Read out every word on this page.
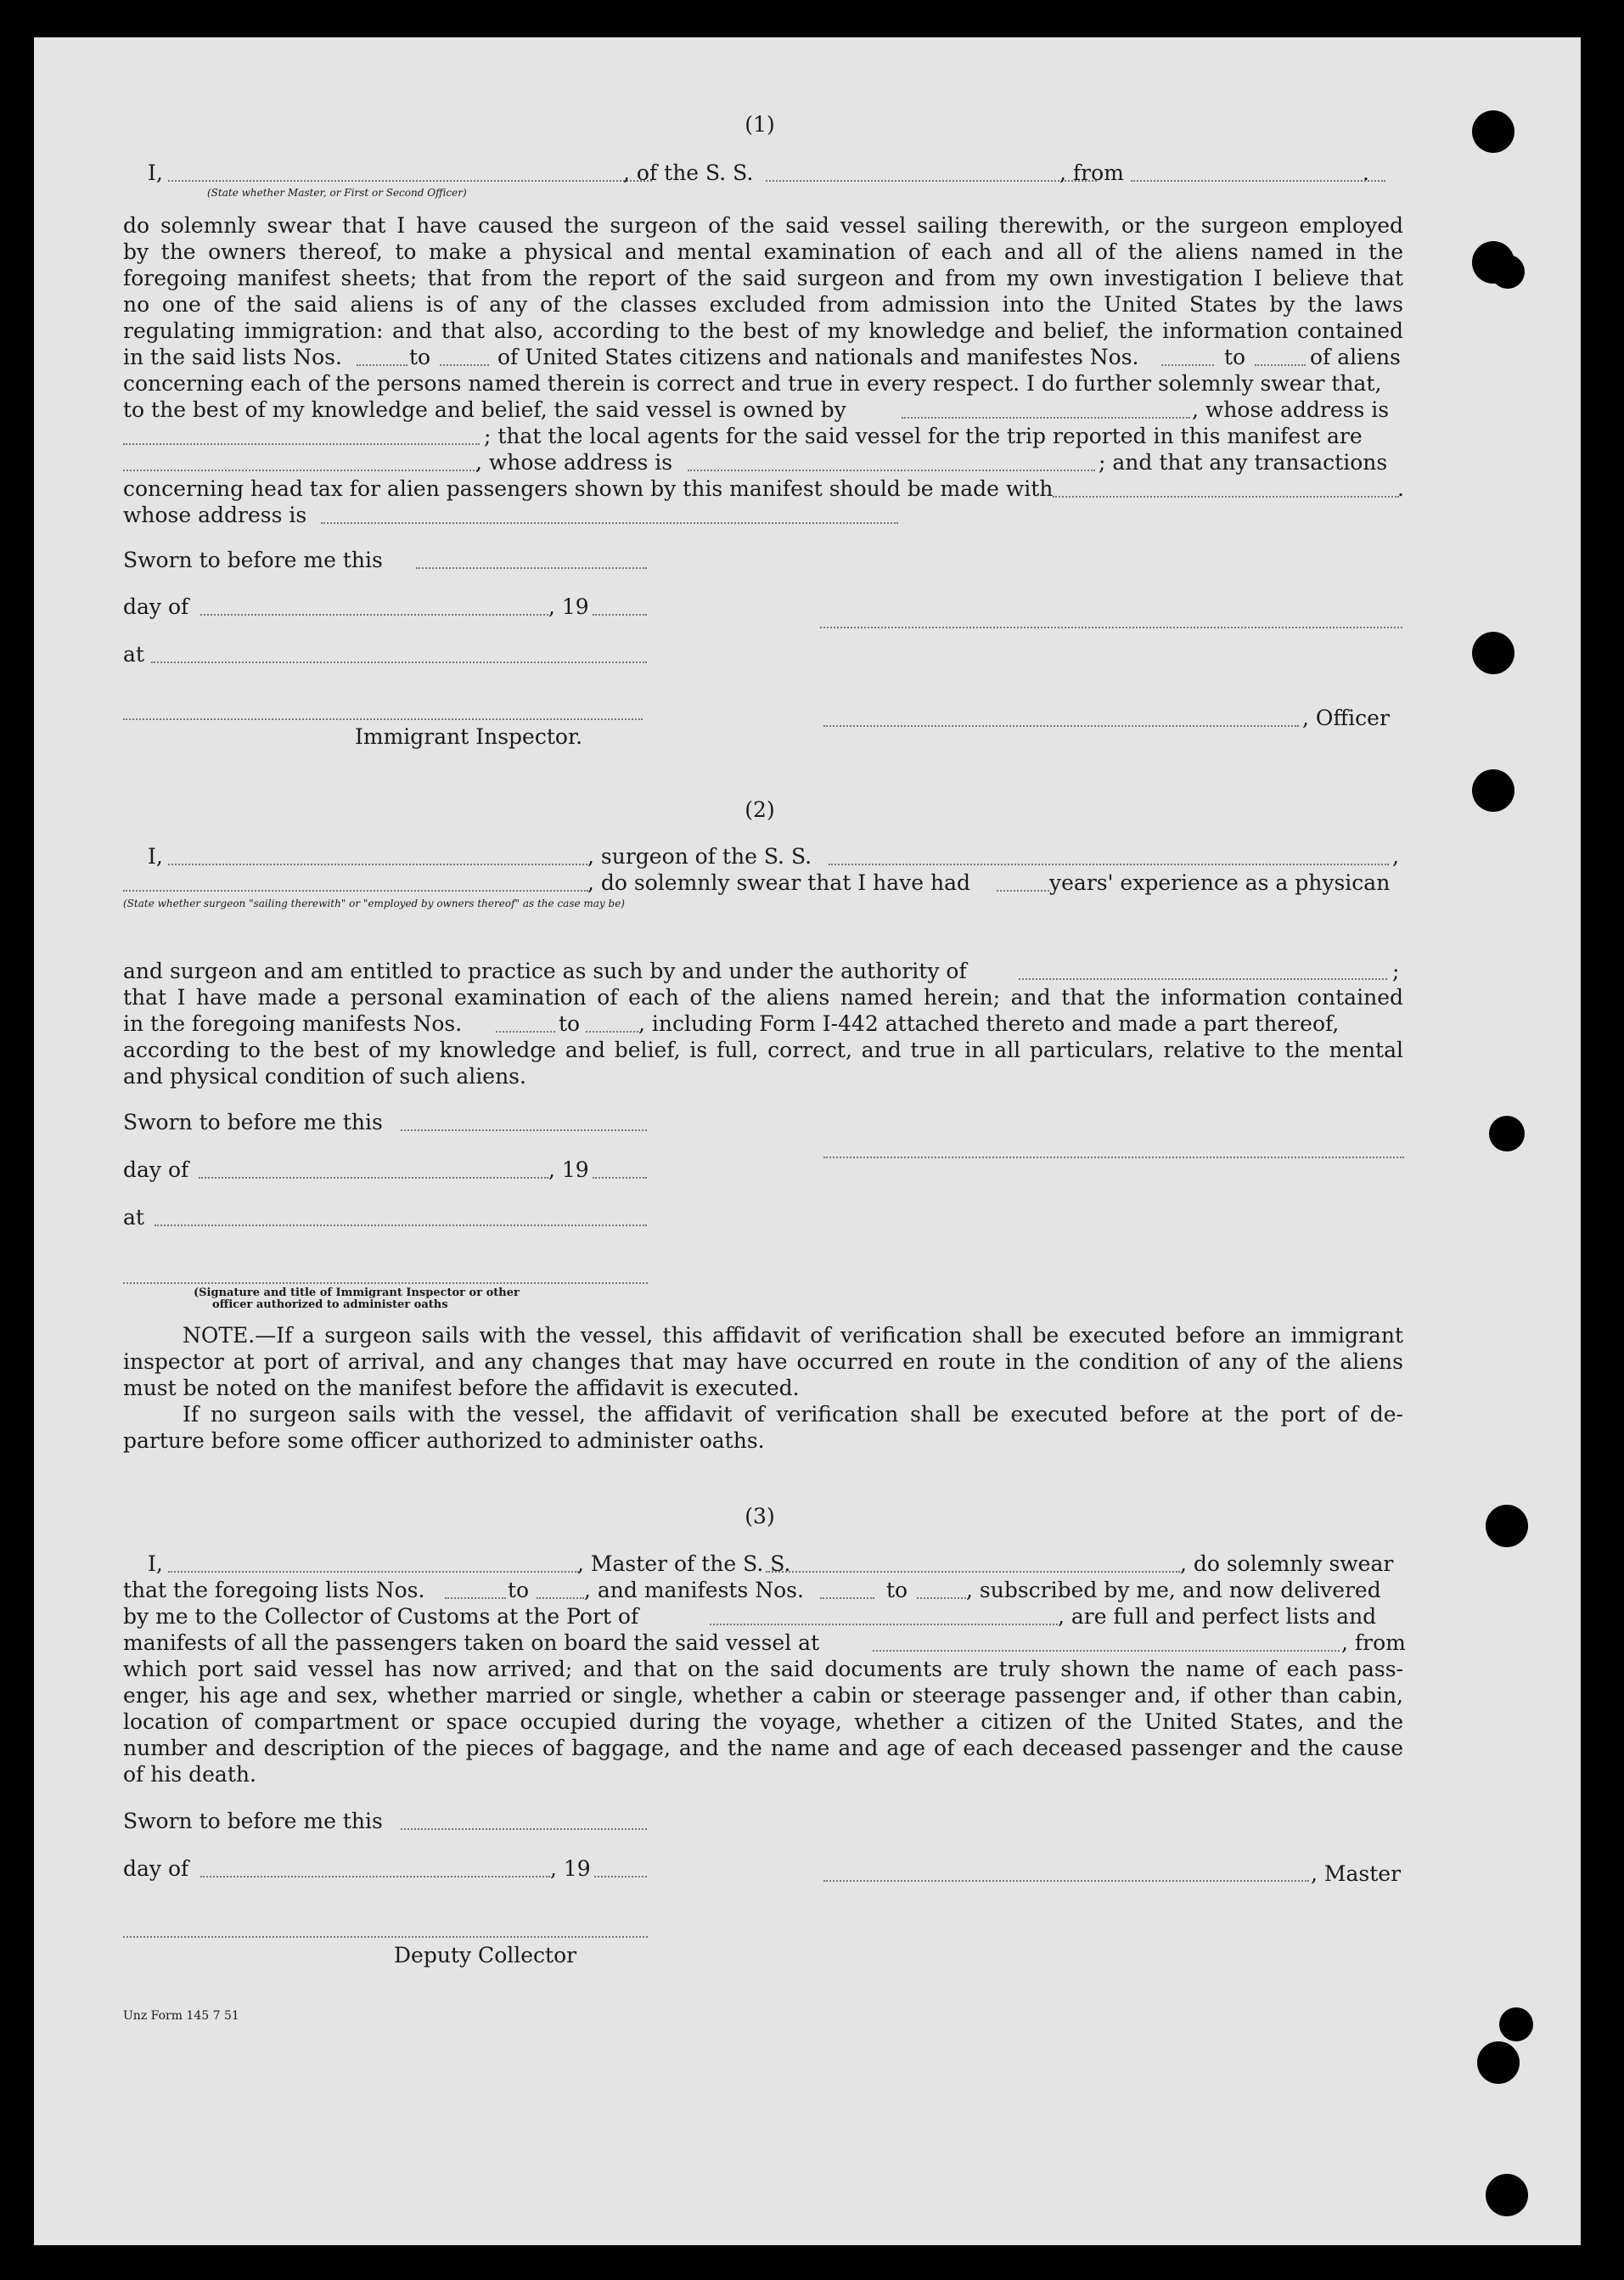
(1)
I,	, of the S. S.	, from	.
(State whether Master, or First or Second Officer)
do solemnly swear that I have caused the surgeon of the said vessel sailing therewith, or the surgeon employed
by the owners thereof, to make a physical and mental examination of each and all of the aliens named in the
foregoing manifest sheets; that from the report of the said surgeon and from my own investigation I believe that
no one of the said aliens is of any of the classes excluded from admission into the United States by the laws
regulating immigration: and that also, according to the best of my knowledge and belief, the information contained
in the said lists Nos.	to	of United States citizens and nationals and manifestes Nos.	to	of aliens
concerning each of the persons named therein is correct and true in every respect. I do further solemnly swear that,
to the best of my knowledge and belief, the said vessel is owned by	, whose address is
; that the local agents for the said vessel for the trip reported in this manifest are
, whose address is	; and that any transactions
concerning head tax for alien passengers shown by this manifest should be made with	.
whose address is
Sworn to before me this
day of	, 19
at
, Officer
Immigrant Inspector.
(2)
I,	, surgeon of the S. S.	,
, do solemnly swear that I have had	years' experience as a physican
(State whether surgeon "sailing therewith" or "employed by owners thereof" as the case may be)
and surgeon and am entitled to practice as such by and under the authority of	;
that I have made a personal examination of each of the aliens named herein; and that the information contained
in the foregoing manifests Nos.	to	, including Form I-442 attached thereto and made a part thereof,
according to the best of my knowledge and belief, is full, correct, and true in all particulars, relative to the mental
and physical condition of such aliens.
Sworn to before me this
day of	, 19
at
(Signature and title of Immigrant Inspector or other
officer authorized to administer oaths
NOTE.—If a surgeon sails with the vessel, this affidavit of verification shall be executed before an immigrant
inspector at port of arrival, and any changes that may have occurred en route in the condition of any of the aliens
must be noted on the manifest before the affidavit is executed.
If no surgeon sails with the vessel, the affidavit of verification shall be executed before at the port of de-
parture before some officer authorized to administer oaths.
(3)
I,	, Master of the S. S.	, do solemnly swear
that the foregoing lists Nos.	to	, and manifests Nos.	to	, subscribed by me, and now delivered
by me to the Collector of Customs at the Port of	, are full and perfect lists and
manifests of all the passengers taken on board the said vessel at	, from
which port said vessel has now arrived; and that on the said documents are truly shown the name of each pass-
enger, his age and sex, whether married or single, whether a cabin or steerage passenger and, if other than cabin,
location of compartment or space occupied during the voyage, whether a citizen of the United States, and the
number and description of the pieces of baggage, and the name and age of each deceased passenger and the cause
of his death.
Sworn to before me this
day of	, 19	, Master
Deputy Collector
Unz Form 145 7 51
